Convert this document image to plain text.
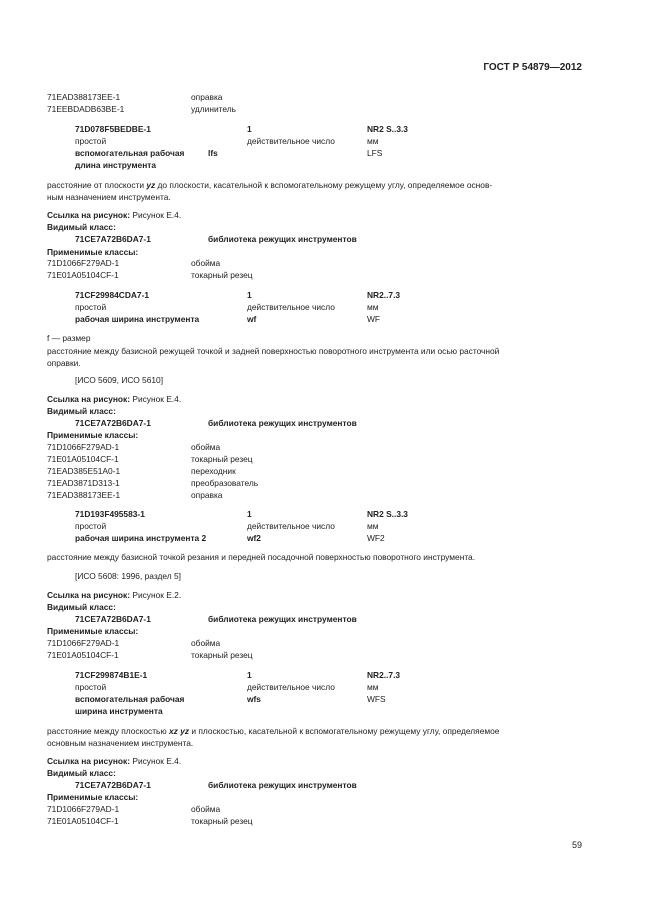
ГОСТ Р 54879—2012
71EAD388173EE-1	оправка
71EEBDADB63BE-1	удлинитель
71D078F5BEDBE-1	1	NR2 S..3.3
простой	действительное число	мм
вспомогательная рабочая	lfs	LFS
длина инструмента
расстояние от плоскости yz до плоскости, касательной к вспомогательному режущему углу, определяемое основ-
ным назначением инструмента.
Ссылка на рисунок: Рисунок Е.4.
Видимый класс:
71CE7A72B6DA7-1	библиотека режущих инструментов
Применимые классы:
71D1066F279AD-1	обойма
71E01A05104CF-1	токарный резец
71CF29984CDA7-1	1	NR2..7.3
простой	действительное число	мм
рабочая ширина инструмента	wf	WF
f — размер
расстояние между базисной режущей точкой и задней поверхностью поворотного инструмента или осью расточной
оправки.
[ИСО 5609, ИСО 5610]
Ссылка на рисунок: Рисунок Е.4.
Видимый класс:
71CE7A72B6DA7-1	библиотека режущих инструментов
Применимые классы:
71D1066F279AD-1	обойма
71E01A05104CF-1	токарный резец
71EAD385E51A0-1	переходник
71EAD3871D313-1	преобразователь
71EAD388173EE-1	оправка
71D193F495583-1	1	NR2 S..3.3
простой	действительное число	мм
рабочая ширина инструмента 2	wf2	WF2
расстояние между базисной точкой резания и передней посадочной поверхностью поворотного инструмента.
[ИСО 5608: 1996, раздел 5]
Ссылка на рисунок: Рисунок Е.2.
Видимый класс:
71CE7A72B6DA7-1	библиотека режущих инструментов
Применимые классы:
71D1066F279AD-1	обойма
71E01A05104CF-1	токарный резец
71CF299874B1E-1	1	NR2..7.3
простой	действительное число	мм
вспомогательная рабочая	wfs	WFS
ширина инструмента
расстояние между плоскостью xz yz и плоскостью, касательной к вспомогательному режущему углу, определяемое
основным назначением инструмента.
Ссылка на рисунок: Рисунок Е.4.
Видимый класс:
71CE7A72B6DA7-1	библиотека режущих инструментов
Применимые классы:
71D1066F279AD-1	обойма
71E01A05104CF-1	токарный резец
59
